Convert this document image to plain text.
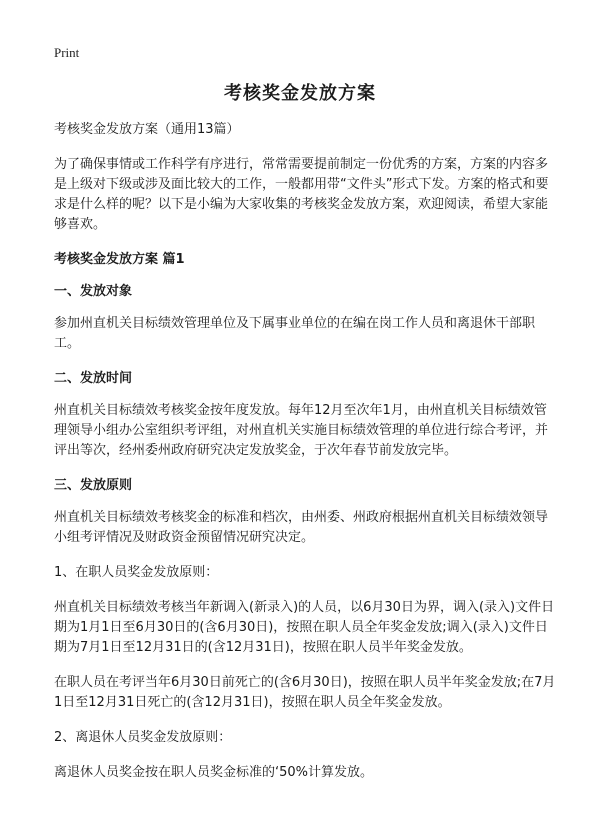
Print
考核奖金发放方案

考核奖金发放方案（通用13篇）

为了确保事情或工作科学有序进行，常常需要提前制定一份优秀的方案，方案的内容多是上级对下级或涉及面比较大的工作，一般都用带“文件头”形式下发。方案的格式和要求是什么样的呢？以下是小编为大家收集的考核奖金发放方案，欢迎阅读，希望大家能够喜欢。

考核奖金发放方案 篇1

一、发放对象

参加州直机关目标绩效管理单位及下属事业单位的在编在岗工作人员和离退休干部职工。

二、发放时间

州直机关目标绩效考核奖金按年度发放。每年12月至次年1月，由州直机关目标绩效管理领导小组办公室组织考评组，对州直机关实施目标绩效管理的单位进行综合考评，并评出等次，经州委州政府研究决定发放奖金，于次年春节前发放完毕。

三、发放原则

州直机关目标绩效考核奖金的标准和档次，由州委、州政府根据州直机关目标绩效领导小组考评情况及财政资金预留情况研究决定。

1、在职人员奖金发放原则：

州直机关目标绩效考核当年新调入(新录入)的人员，以6月30日为界，调入(录入)文件日期为1月1日至6月30日的(含6月30日)，按照在职人员全年奖金发放;调入(录入)文件日期为7月1日至12月31日的(含12月31日)，按照在职人员半年奖金发放。

在职人员在考评当年6月30日前死亡的(含6月30日)，按照在职人员半年奖金发放;在7月1日至12月31日死亡的(含12月31日)，按照在职人员全年奖金发放。

2、离退休人员奖金发放原则：

离退休人员奖金按在职人员奖金标准的‘50%计算发放。
